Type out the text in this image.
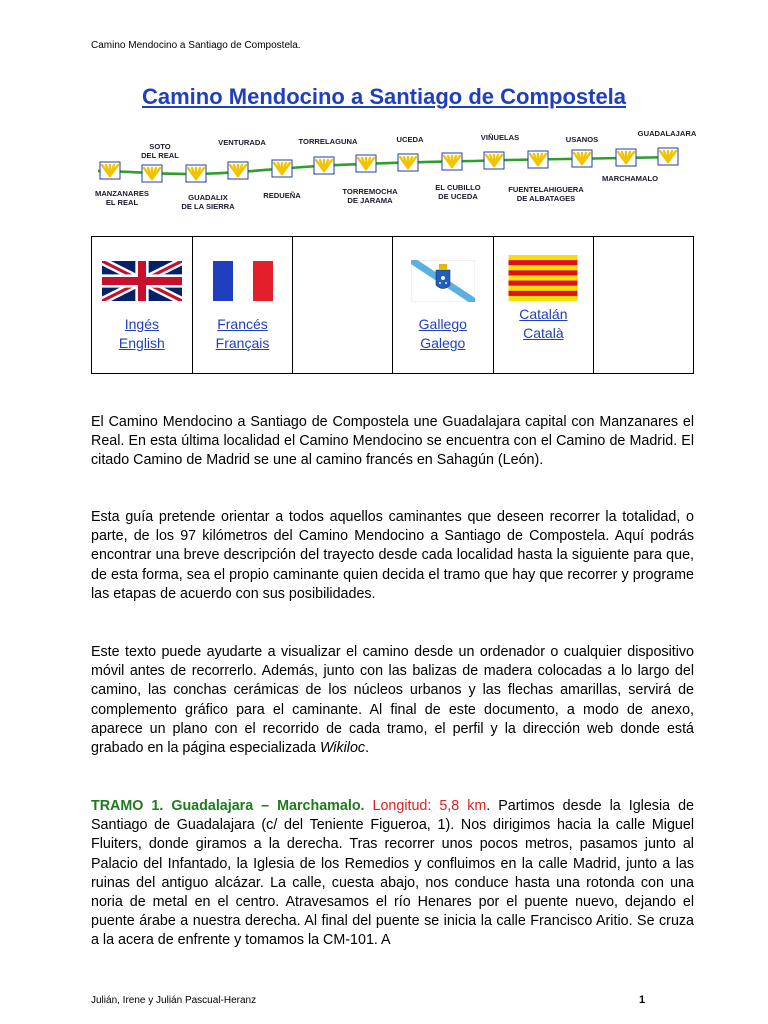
Camino Mendocino a Santiago de Compostela.
Camino Mendocino a Santiago de Compostela
SOTO DEL REAL
VENTURADA	TORRELAGUNA	UCEDA	VIÑUELAS	USANOS
GUADALAJARA
MANZANARES EL REAL
GUADALIX DE LA SIERRA
REDUEÑA	TORREMOCHA DE JARAMA
EL CUBILLO DE UCEDA
FUENTELAHIGUERA DE ALBATAGES
MARCHAMALO
Ingés
English

Francés
Français

Gallego
Galego

Catalán
Català

El Camino Mendocino a Santiago de Compostela une Guadalajara capital con Manzanares el Real. En esta última localidad el Camino Mendocino se encuentra con el Camino de Madrid. El citado Camino de Madrid se une al camino francés en Sahagún (León).

Esta guía pretende orientar a todos aquellos caminantes que deseen recorrer la totalidad, o parte, de los 97 kilómetros del Camino Mendocino a Santiago de Compostela. Aquí podrás encontrar una breve descripción del trayecto desde cada localidad hasta la siguiente para que, de esta forma, sea el propio caminante quien decida el tramo que hay que recorrer y programe las etapas de acuerdo con sus posibilidades.

Este texto puede ayudarte a visualizar el camino desde un ordenador o cualquier dispositivo móvil antes de recorrerlo. Además, junto con las balizas de madera colocadas a lo largo del camino, las conchas cerámicas de los núcleos urbanos y las flechas amarillas, servirá de complemento gráfico para el caminante. Al final de este documento, a modo de anexo, aparece un plano con el recorrido de cada tramo, el perfil y la dirección web donde está grabado en la página especializada Wikiloc.

TRAMO 1. Guadalajara – Marchamalo. Longitud: 5,8 km. Partimos desde la Iglesia de Santiago de Guadalajara (c/ del Teniente Figueroa, 1). Nos dirigimos hacia la calle Miguel Fluiters, donde giramos a la derecha. Tras recorrer unos pocos metros, pasamos junto al Palacio del Infantado, la Iglesia de los Remedios y confluimos en la calle Madrid, junto a las ruinas del antiguo alcázar. La calle, cuesta abajo, nos conduce hasta una rotonda con una noria de metal en el centro. Atravesamos el río Henares por el puente nuevo, dejando el puente árabe a nuestra derecha. Al final del puente se inicia la calle Francisco Aritio. Se cruza a la acera de enfrente y tomamos la CM-101. A

Julián, Irene y Julián Pascual-Heranz	1
